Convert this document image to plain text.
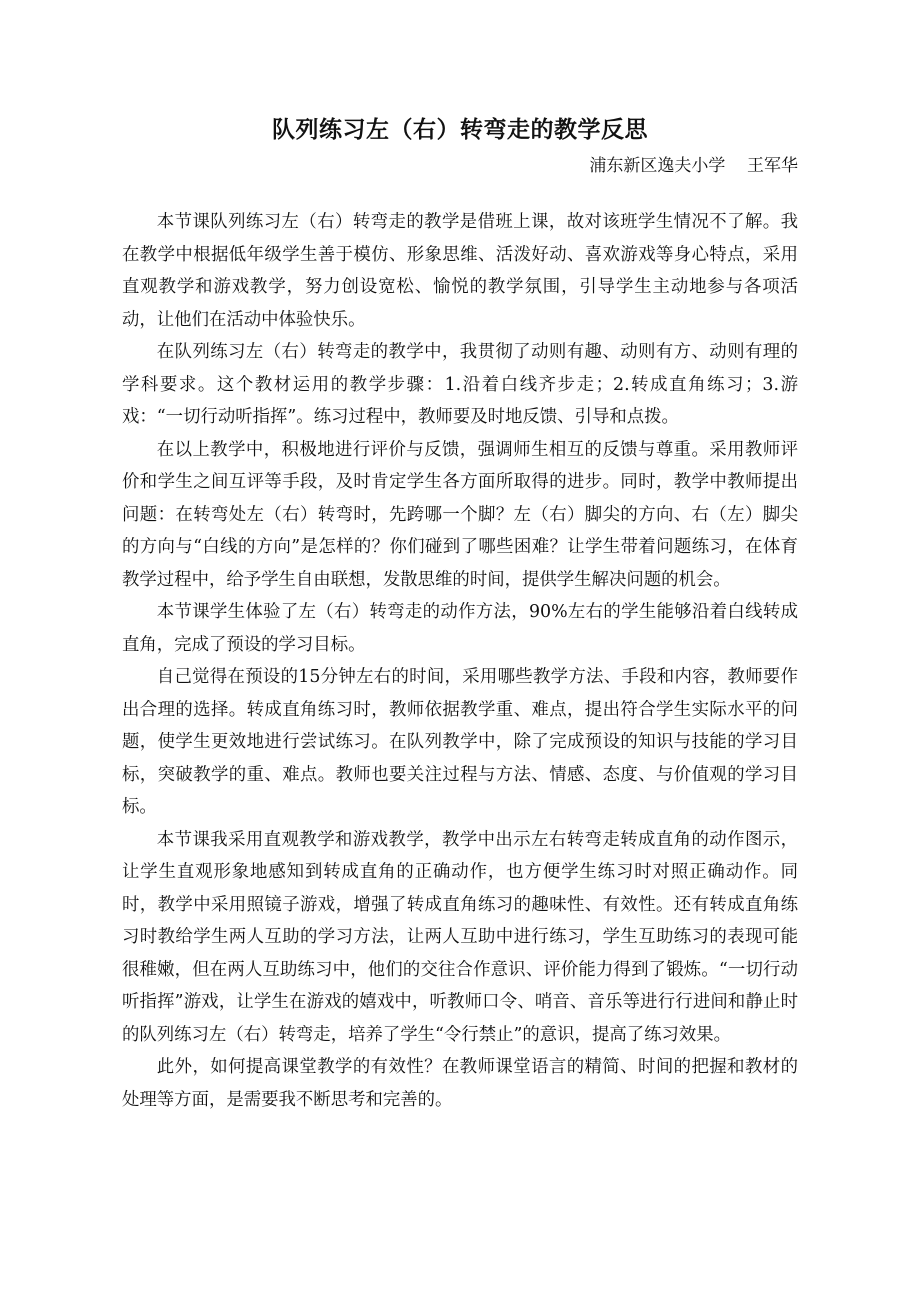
队列练习左（右）转弯走的教学反思
浦东新区逸夫小学    王军华

本节课队列练习左（右）转弯走的教学是借班上课，故对该班学生情况不了解。我在教学中根据低年级学生善于模仿、形象思维、活泼好动、喜欢游戏等身心特点，采用直观教学和游戏教学，努力创设宽松、愉悦的教学氛围，引导学生主动地参与各项活动，让他们在活动中体验快乐。

在队列练习左（右）转弯走的教学中，我贯彻了动则有趣、动则有方、动则有理的学科要求。这个教材运用的教学步骤：1.沿着白线齐步走；2.转成直角练习；3.游戏：“一切行动听指挥”。练习过程中，教师要及时地反馈、引导和点拨。

在以上教学中，积极地进行评价与反馈，强调师生相互的反馈与尊重。采用教师评价和学生之间互评等手段，及时肯定学生各方面所取得的进步。同时，教学中教师提出问题：在转弯处左（右）转弯时，先跨哪一个脚？左（右）脚尖的方向、右（左）脚尖的方向与“白线的方向”是怎样的？你们碰到了哪些困难？让学生带着问题练习，在体育教学过程中，给予学生自由联想，发散思维的时间，提供学生解决问题的机会。

本节课学生体验了左（右）转弯走的动作方法，90%左右的学生能够沿着白线转成直角，完成了预设的学习目标。

自己觉得在预设的15分钟左右的时间，采用哪些教学方法、手段和内容，教师要作出合理的选择。转成直角练习时，教师依据教学重、难点，提出符合学生实际水平的问题，使学生更效地进行尝试练习。在队列教学中，除了完成预设的知识与技能的学习目标，突破教学的重、难点。教师也要关注过程与方法、情感、态度、与价值观的学习目标。

本节课我采用直观教学和游戏教学，教学中出示左右转弯走转成直角的动作图示，让学生直观形象地感知到转成直角的正确动作，也方便学生练习时对照正确动作。同时，教学中采用照镜子游戏，增强了转成直角练习的趣味性、有效性。还有转成直角练习时教给学生两人互助的学习方法，让两人互助中进行练习，学生互助练习的表现可能很稚嫩，但在两人互助练习中，他们的交往合作意识、评价能力得到了锻炼。“一切行动听指挥”游戏，让学生在游戏的嬉戏中，听教师口令、哨音、音乐等进行行进间和静止时的队列练习左（右）转弯走，培养了学生“令行禁止”的意识，提高了练习效果。

此外，如何提高课堂教学的有效性？在教师课堂语言的精简、时间的把握和教材的处理等方面，是需要我不断思考和完善的。
